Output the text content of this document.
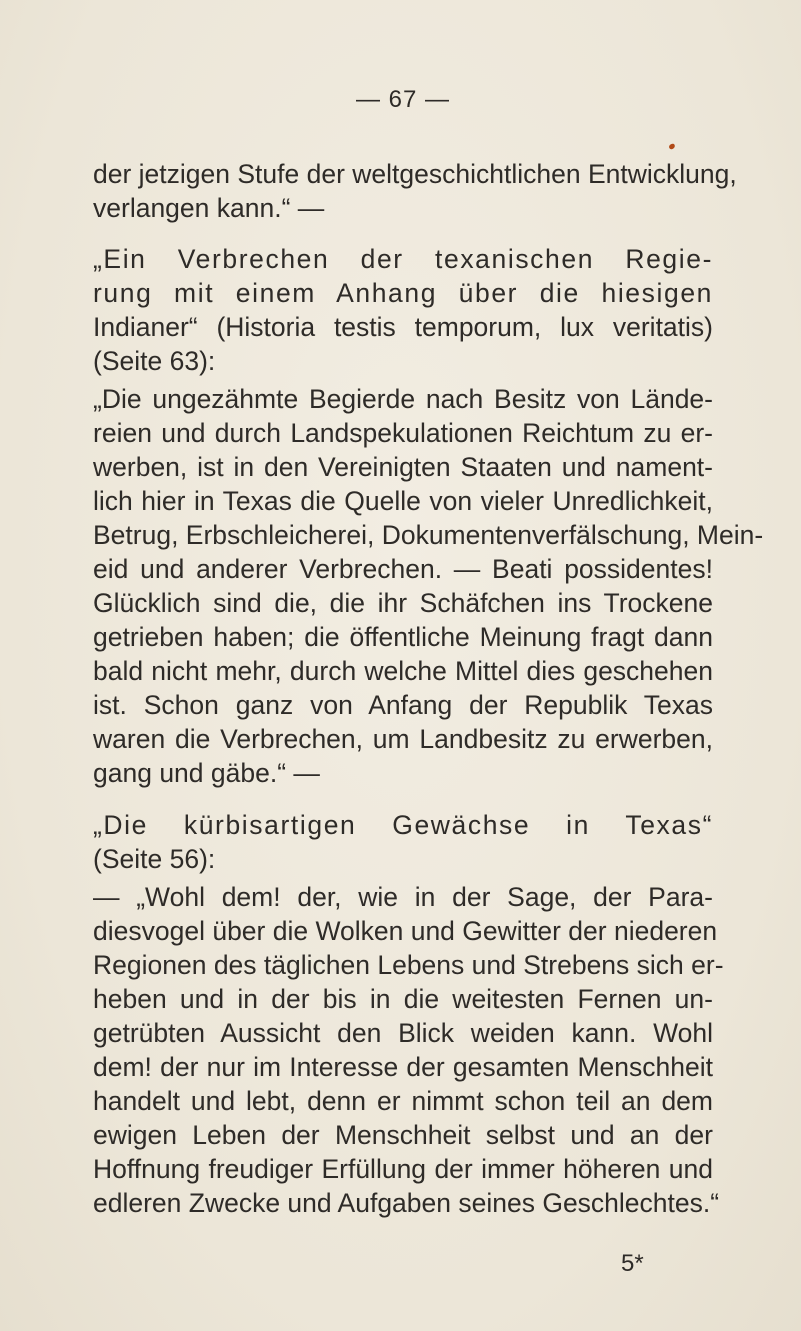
— 67 —
der jetzigen Stufe der weltgeschichtlichen Entwicklung,
verlangen kann.“ —
„Ein Verbrechen der texanischen Regie-
rung mit einem Anhang über die hiesigen
Indianer“ (Historia testis temporum, lux veritatis)
(Seite 63):
„Die ungezähmte Begierde nach Besitz von Lände-
reien und durch Landspekulationen Reichtum zu er-
werben, ist in den Vereinigten Staaten und nament-
lich hier in Texas die Quelle von vieler Unredlichkeit,
Betrug, Erbschleicherei, Dokumentenverfälschung, Mein-
eid und anderer Verbrechen. — Beati possidentes!
Glücklich sind die, die ihr Schäfchen ins Trockene
getrieben haben; die öffentliche Meinung fragt dann
bald nicht mehr, durch welche Mittel dies geschehen
ist. Schon ganz von Anfang der Republik Texas
waren die Verbrechen, um Landbesitz zu erwerben,
gang und gäbe.“ —
„Die kürbisartigen Gewächse in Texas“
(Seite 56):
— „Wohl dem! der, wie in der Sage, der Para-
diesvogel über die Wolken und Gewitter der niederen
Regionen des täglichen Lebens und Strebens sich er-
heben und in der bis in die weitesten Fernen un-
getrübten Aussicht den Blick weiden kann. Wohl
dem! der nur im Interesse der gesamten Menschheit
handelt und lebt, denn er nimmt schon teil an dem
ewigen Leben der Menschheit selbst und an der
Hoffnung freudiger Erfüllung der immer höheren und
edleren Zwecke und Aufgaben seines Geschlechtes.“
5*
